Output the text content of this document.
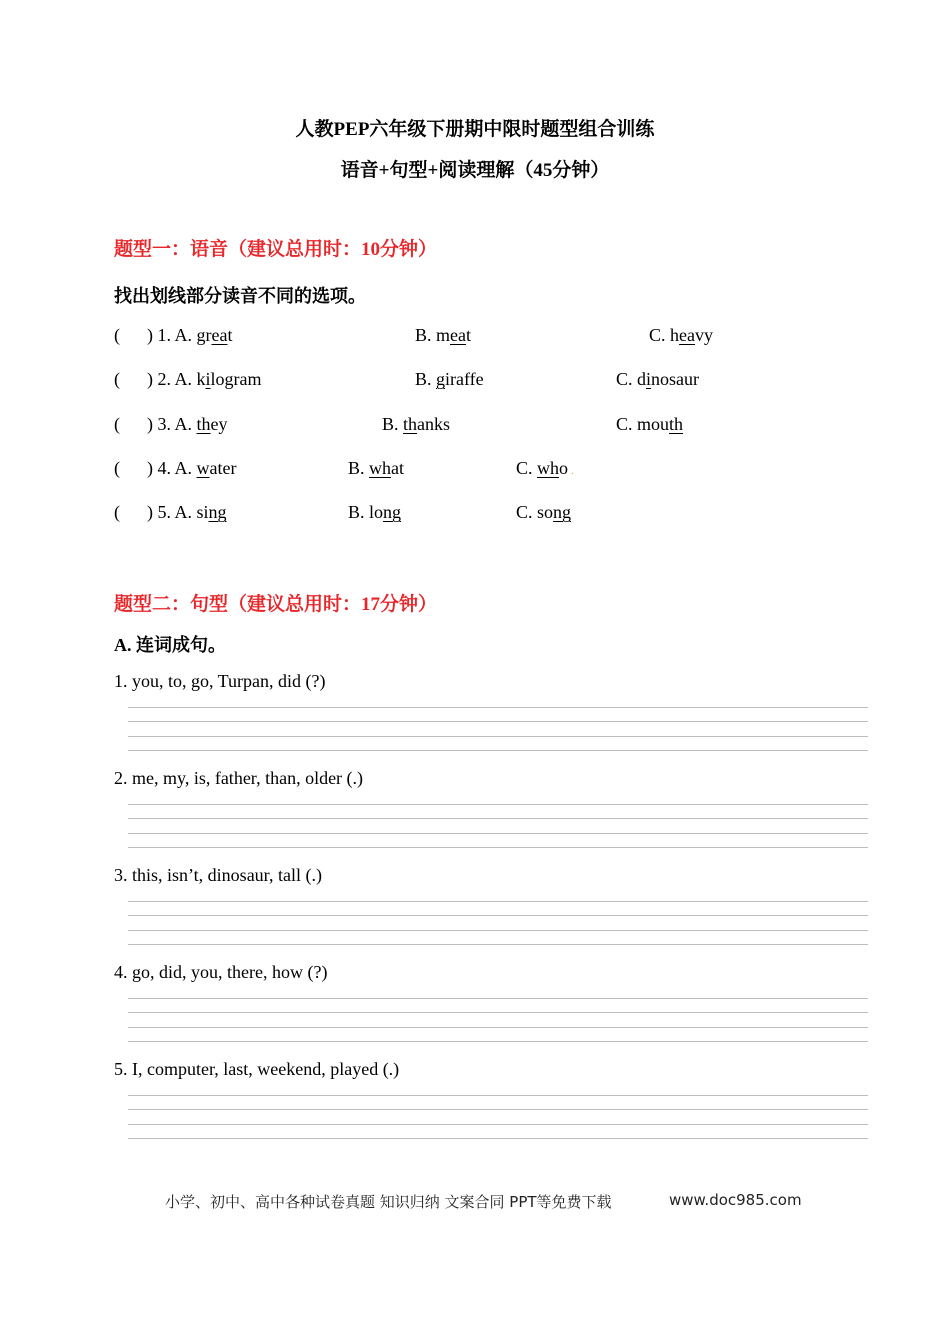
人教PEP六年级下册期中限时题型组合训练
语音+句型+阅读理解（45分钟）
题型一：语音（建议总用时：10分钟）
找出划线部分读音不同的选项。
(      ) 1. A. great	B. meat	C. heavy
(      ) 2. A. kilogram	B. giraffe	C. dinosaur
(      ) 3. A. they	B. thanks	C. mouth
(      ) 4. A. water	B. what	C. who .
(      ) 5. A. sing	B. long	C. song
题型二：句型（建议总用时：17分钟）
A. 连词成句。
1. you, to, go, Turpan, did (?)
2. me, my, is, father, than, older (.)
3. this, isn’t, dinosaur, tall (.)
4. go, did, you, there, how (?)
5. I, computer, last, weekend, played (.)
小学、初中、高中各种试卷真题 知识归纳 文案合同 PPT等免费下载	www.doc985.com
